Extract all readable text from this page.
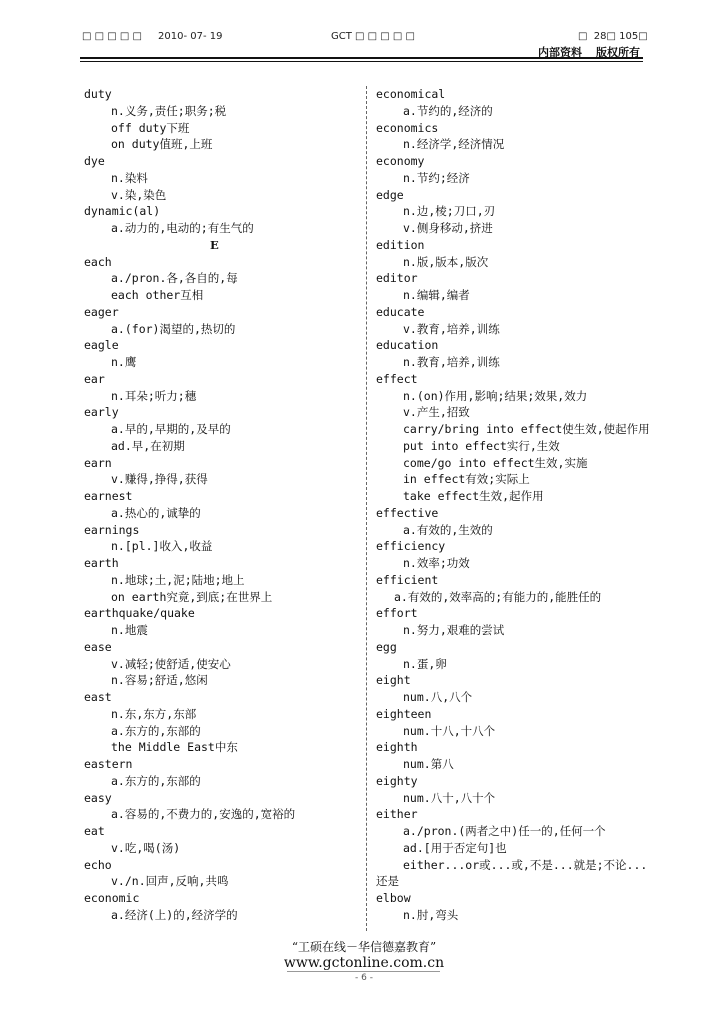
□ □ □ □ □ 2010- 07- 19	GCT □ □ □ □ □	□  28□ 105□
内部资料 版权所有
duty
n.义务,责任;职务;税
off duty下班
on duty值班,上班
dye
n.染料
v.染,染色
dynamic(al)
a.动力的,电动的;有生气的
E
each
a./pron.各,各自的,每
each other互相
eager
a.(for)渴望的,热切的
eagle
n.鹰
ear
n.耳朵;听力;穗
early
a.早的,早期的,及早的
ad.早,在初期
earn
v.赚得,挣得,获得
earnest
a.热心的,诚挚的
earnings
n.[pl.]收入,收益
earth
n.地球;土,泥;陆地;地上
on earth究竟,到底;在世界上
earthquake/quake
n.地震
ease
v.减轻;使舒适,使安心
n.容易;舒适,悠闲
east
n.东,东方,东部
a.东方的,东部的
the Middle East中东
eastern
a.东方的,东部的
easy
a.容易的,不费力的,安逸的,宽裕的
eat
v.吃,喝(汤)
echo
v./n.回声,反响,共鸣
economic
a.经济(上)的,经济学的
economical
a.节约的,经济的
economics
n.经济学,经济情况
economy
n.节约;经济
edge
n.边,棱;刀口,刃
v.侧身移动,挤进
edition
n.版,版本,版次
editor
n.编辑,编者
educate
v.教育,培养,训练
education
n.教育,培养,训练
effect
n.(on)作用,影响;结果;效果,效力
v.产生,招致
carry/bring into effect使生效,使起作用
put into effect实行,生效
come/go into effect生效,实施
in effect有效;实际上
take effect生效,起作用
effective
a.有效的,生效的
efficiency
n.效率;功效
efficient
a.有效的,效率高的;有能力的,能胜任的
effort
n.努力,艰难的尝试
egg
n.蛋,卵
eight
num.八,八个
eighteen
num.十八,十八个
eighth
num.第八
eighty
num.八十,八十个
either
a./pron.(两者之中)任一的,任何一个
ad.[用于否定句]也
either...or或...或,不是...就是;不论...
还是
elbow
n.肘,弯头
“工硕在线－华信德嘉教育”
www.gctonline.com.cn
- 6 -
